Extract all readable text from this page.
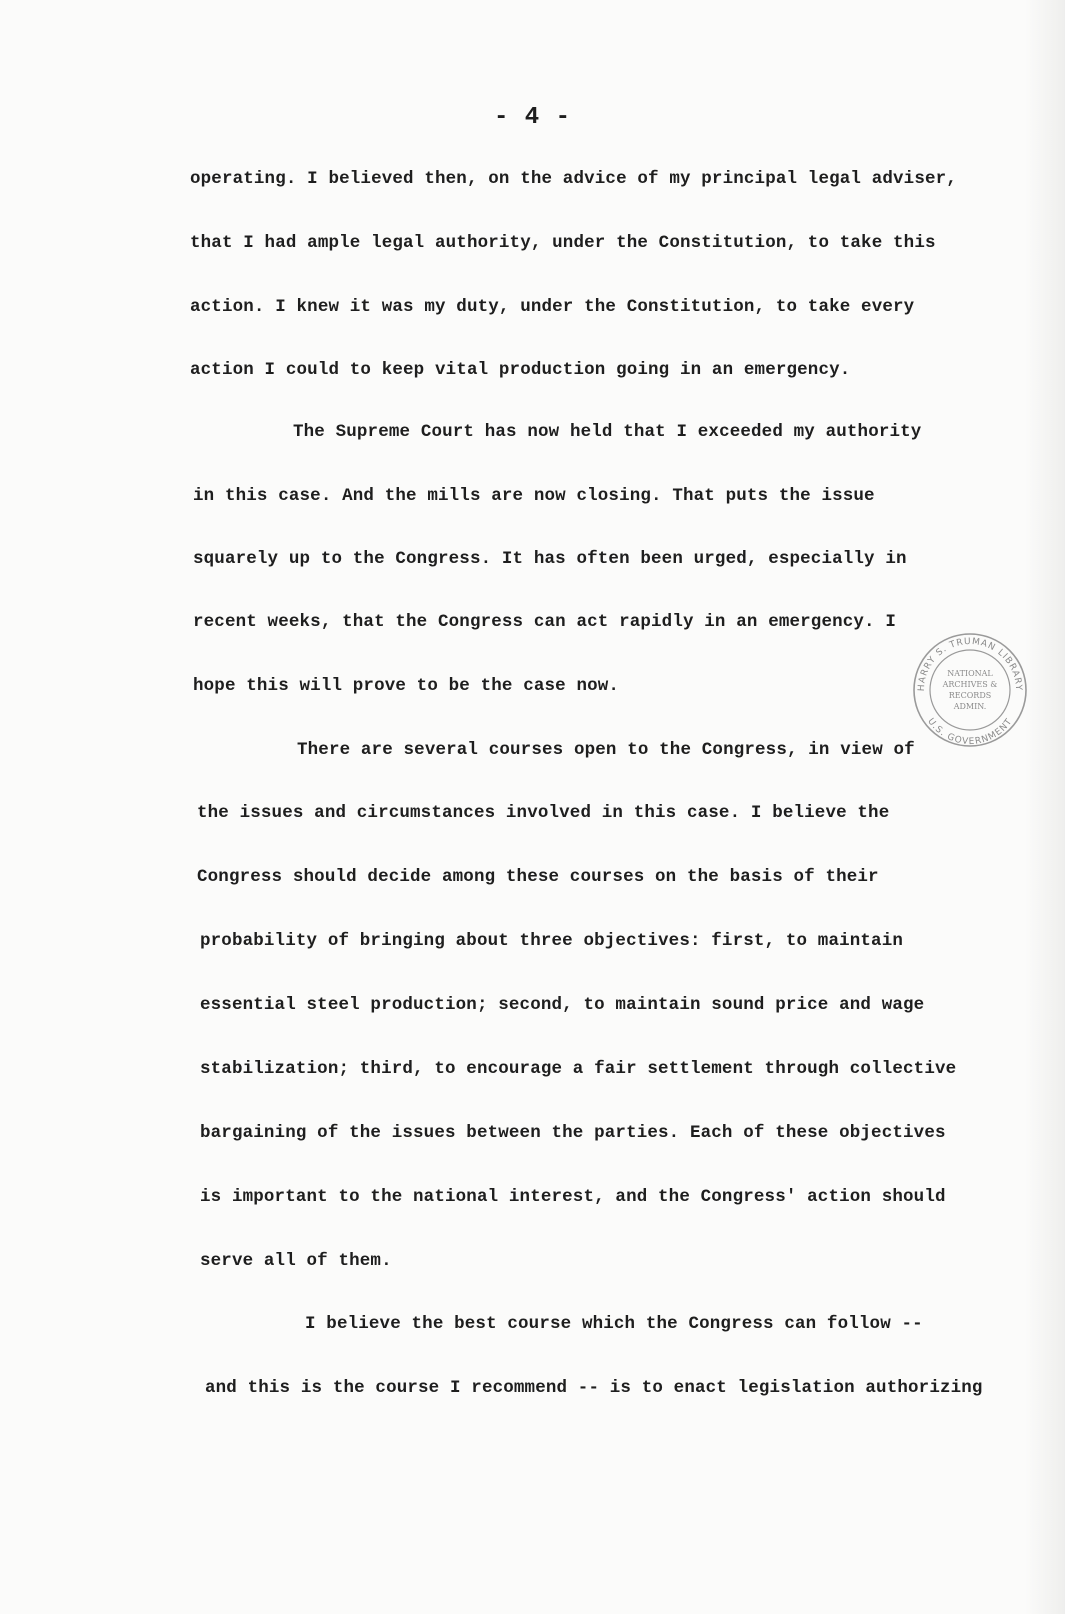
- 4 -
operating. I believed then, on the advice of my principal legal adviser,
that I had ample legal authority, under the Constitution, to take this
action. I knew it was my duty, under the Constitution, to take every
action I could to keep vital production going in an emergency.
The Supreme Court has now held that I exceeded my authority
in this case. And the mills are now closing. That puts the issue
squarely up to the Congress. It has often been urged, especially in
recent weeks, that the Congress can act rapidly in an emergency. I
hope this will prove to be the case now.
There are several courses open to the Congress, in view of
the issues and circumstances involved in this case. I believe the
Congress should decide among these courses on the basis of their
probability of bringing about three objectives: first, to maintain
essential steel production; second, to maintain sound price and wage
stabilization; third, to encourage a fair settlement through collective
bargaining of the issues between the parties. Each of these objectives
is important to the national interest, and the Congress' action should
serve all of them.
I believe the best course which the Congress can follow --
and this is the course I recommend -- is to enact legislation authorizing
HARRY S. TRUMAN LIBRARY
U.S. GOVERNMENT
NATIONAL
ARCHIVES &
RECORDS
ADMIN.
